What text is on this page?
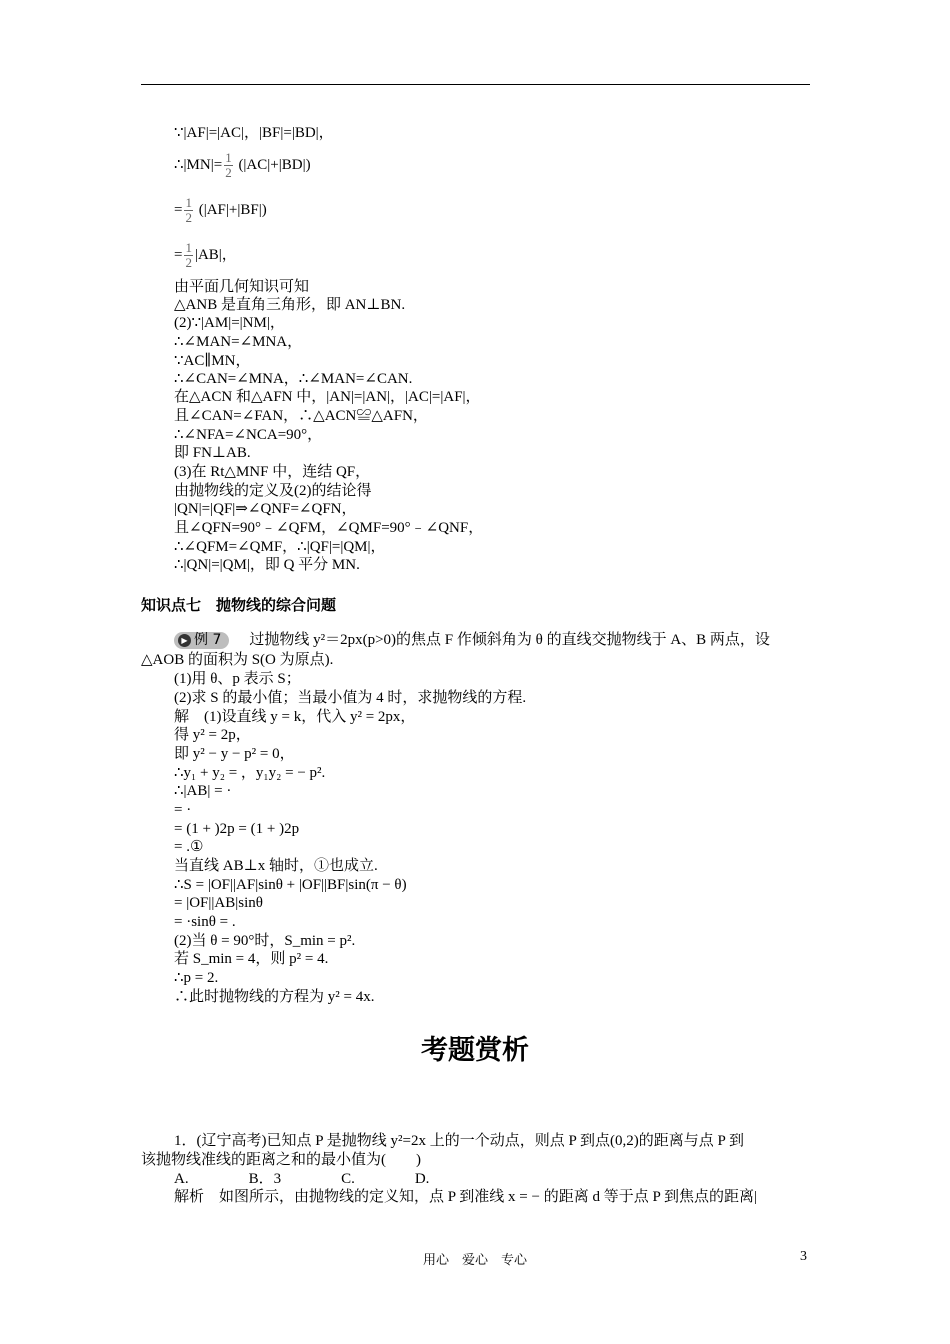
∵|AF|=|AC|，|BF|=|BD|，
∴|MN|= $\frac{1}{2} (|AC|+|BD|)$
= $\frac{1}{2} (|AF|+|BF|)$
= $\frac{1}{2} |AB|$，
由平面几何知识可知
△ANB 是直角三角形，即 AN⊥BN.
(2)∵|AM|=|NM|，
∴∠MAN=∠MNA，
∵AC∥MN，
∴∠CAN=∠MNA，∴∠MAN=∠CAN.
在△ACN 和△AFN 中，|AN|=|AN|，|AC|=|AF|，
且∠CAN=∠FAN，∴△ACN≌△AFN，
∴∠NFA=∠NCA=90°，
即 FN⊥AB.
(3)在 Rt△MNF 中，连结 QF，
由抛物线的定义及(2)的结论得
|QN|=|QF|⇒∠QNF=∠QFN，
且∠QFN=90°﹣∠QFM，∠QMF=90°﹣∠QNF，
∴∠QFM=∠QMF，∴|QF|=|QM|，
∴|QN|=|QM|，即 Q 平分 MN.
知识点七　抛物线的综合问题
▶ 例 7 过抛物线 y²＝2px(p>0)的焦点 F 作倾斜角为 θ 的直线交抛物线于 A、B 两点，设
△AOB 的面积为 S(O 为原点).
(1)用 θ、p 表示 S；
(2)求 S 的最小值；当最小值为 4 时，求抛物线的方程.
解　(1)设直线 y = k，代入 y² = 2px，
得 y² = 2p，
即 y² − y − p² = 0，
∴y₁ + y₂ = ，y₁y₂ = − p².
∴|AB| = ·
= ·
= (1 + )2p = (1 + )2p
= .①
当直线 AB⊥x 轴时，①也成立.
∴S = |OF||AF|sinθ + |OF||BF|sin(π − θ)
= |OF||AB|sinθ
= ·sinθ = .
(2)当 θ = 90°时，S_min = p².
若 S_min = 4，则 p² = 4.
∴p = 2.
∴此时抛物线的方程为 y² = 4x.
考题赏析
1．(辽宁高考)已知点 P 是抛物线 y²=2x 上的一个动点，则点 P 到点(0,2)的距离与点 P 到
该抛物线准线的距离之和的最小值为(　　)
A.　　　　B．3　　　　C.　　　　D.
解析　如图所示，由抛物线的定义知，点 P 到准线 x = − 的距离 d 等于点 P 到焦点的距离|
用心　爱心　专心	3
